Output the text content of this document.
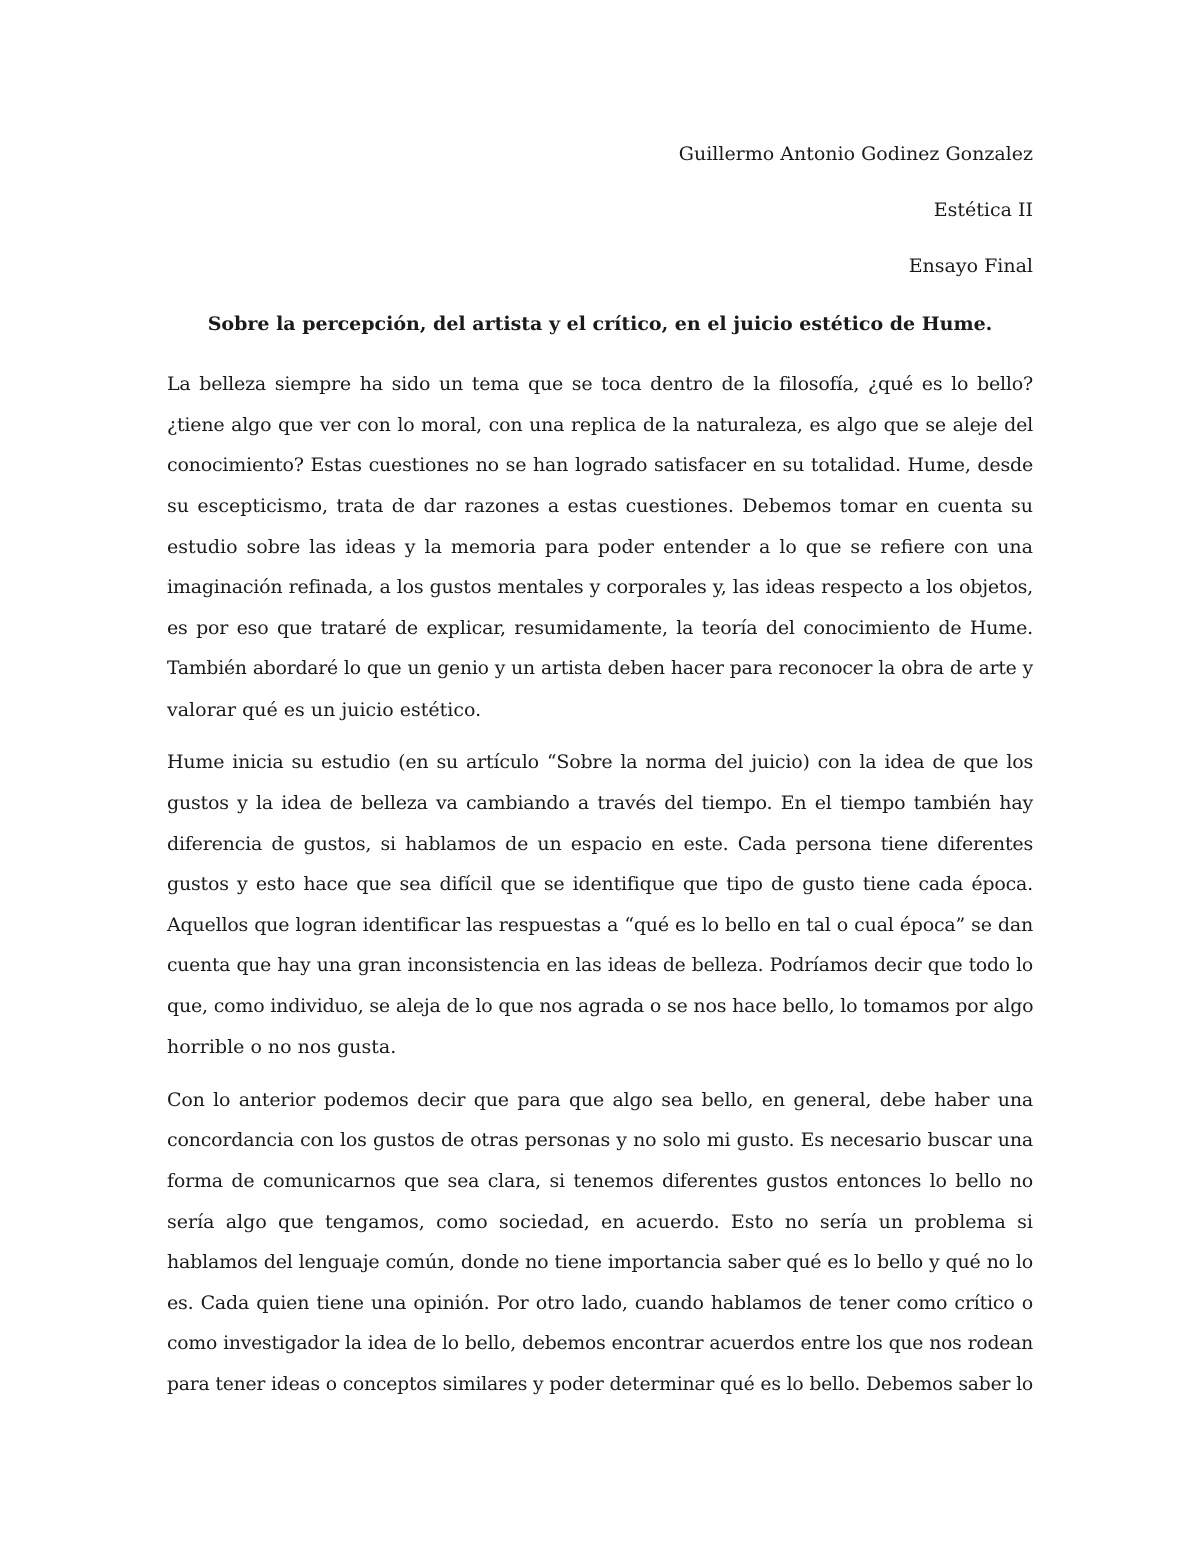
Guillermo Antonio Godinez Gonzalez
Estética II
Ensayo Final
Sobre la percepción, del artista y el crítico, en el juicio estético de Hume.
La belleza siempre ha sido un tema que se toca dentro de la filosofía, ¿qué es lo bello?
¿tiene algo que ver con lo moral, con una replica de la naturaleza, es algo que se aleje del
conocimiento? Estas cuestiones no se han logrado satisfacer en su totalidad. Hume, desde
su escepticismo, trata de dar razones a estas cuestiones. Debemos tomar en cuenta su
estudio sobre las ideas y la memoria para poder entender a lo que se refiere con una
imaginación refinada, a los gustos mentales y corporales y, las ideas respecto a los objetos,
es por eso que trataré de explicar, resumidamente, la teoría del conocimiento de Hume.
También abordaré lo que un genio y un artista deben hacer para reconocer la obra de arte y
valorar qué es un juicio estético.
Hume inicia su estudio (en su artículo “Sobre la norma del juicio) con la idea de que los
gustos y la idea de belleza va cambiando a través del tiempo. En el tiempo también hay
diferencia de gustos, si hablamos de un espacio en este. Cada persona tiene diferentes
gustos y esto hace que sea difícil que se identifique que tipo de gusto tiene cada época.
Aquellos que logran identificar las respuestas a “qué es lo bello en tal o cual época” se dan
cuenta que hay una gran inconsistencia en las ideas de belleza. Podríamos decir que todo lo
que, como individuo, se aleja de lo que nos agrada o se nos hace bello, lo tomamos por algo
horrible o no nos gusta.
Con lo anterior podemos decir que para que algo sea bello, en general, debe haber una
concordancia con los gustos de otras personas y no solo mi gusto. Es necesario buscar una
forma de comunicarnos que sea clara, si tenemos diferentes gustos entonces lo bello no
sería algo que tengamos, como sociedad, en acuerdo. Esto no sería un problema si
hablamos del lenguaje común, donde no tiene importancia saber qué es lo bello y qué no lo
es. Cada quien tiene una opinión. Por otro lado, cuando hablamos de tener como crítico o
como investigador la idea de lo bello, debemos encontrar acuerdos entre los que nos rodean
para tener ideas o conceptos similares y poder determinar qué es lo bello. Debemos saber lo
